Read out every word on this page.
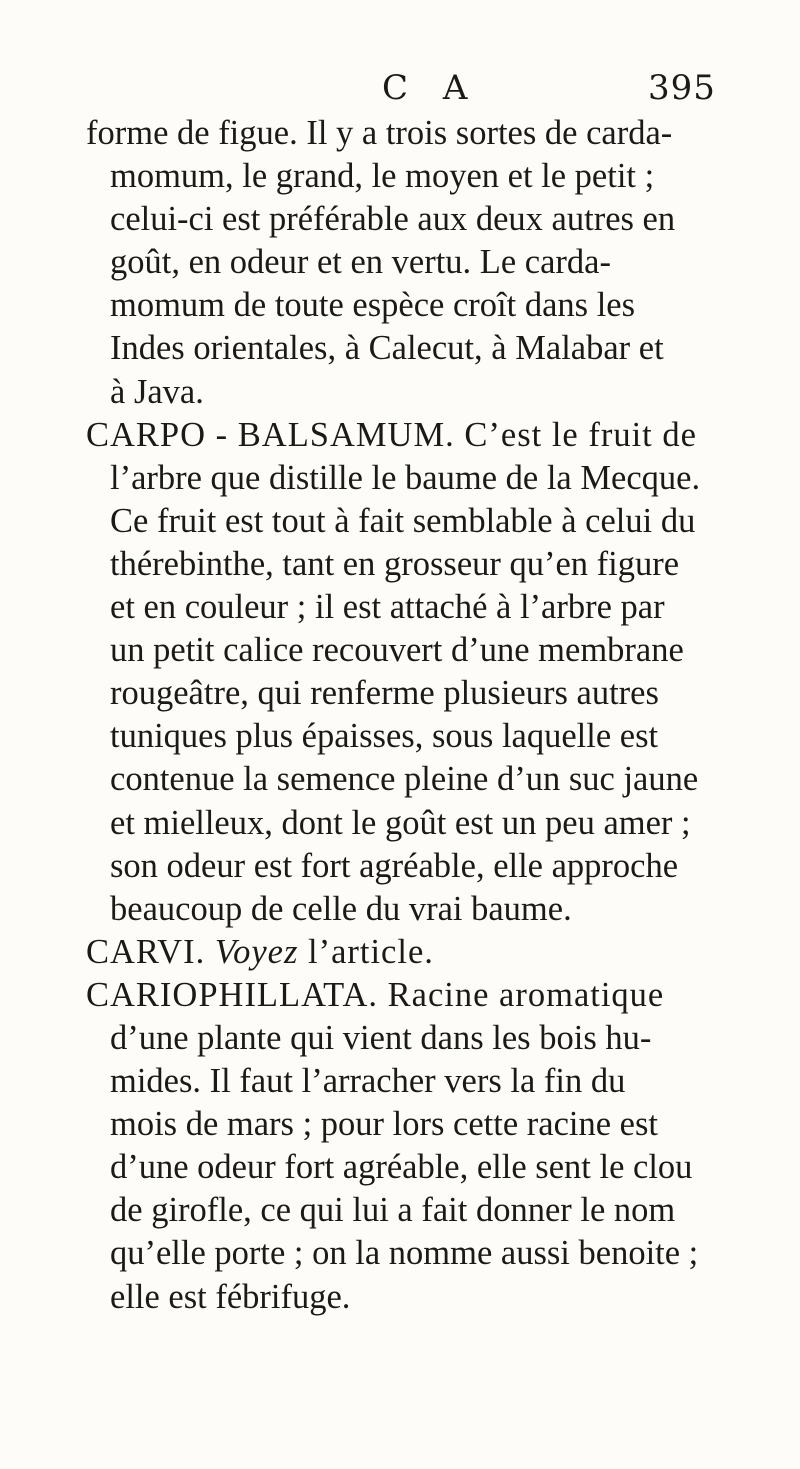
C A	395
forme de figue. Il y a trois sortes de carda-
momum, le grand, le moyen et le petit ;
celui-ci est préférable aux deux autres en
goût, en odeur et en vertu. Le carda-
momum de toute espèce croît dans les
Indes orientales, à Calecut, à Malabar et
à Java.
CARPO - BALSAMUM. C’est le fruit de
l’arbre que distille le baume de la Mecque.
Ce fruit est tout à fait semblable à celui du
thérebinthe, tant en grosseur qu’en figure
et en couleur ; il est attaché à l’arbre par
un petit calice recouvert d’une membrane
rougeâtre, qui renferme plusieurs autres
tuniques plus épaisses, sous laquelle est
contenue la semence pleine d’un suc jaune
et mielleux, dont le goût est un peu amer ;
son odeur est fort agréable, elle approche
beaucoup de celle du vrai baume.
CARVI. Voyez l’article.
CARIOPHILLATA. Racine aromatique
d’une plante qui vient dans les bois hu-
mides. Il faut l’arracher vers la fin du
mois de mars ; pour lors cette racine est
d’une odeur fort agréable, elle sent le clou
de girofle, ce qui lui a fait donner le nom
qu’elle porte ; on la nomme aussi benoite ;
elle est fébrifuge.
